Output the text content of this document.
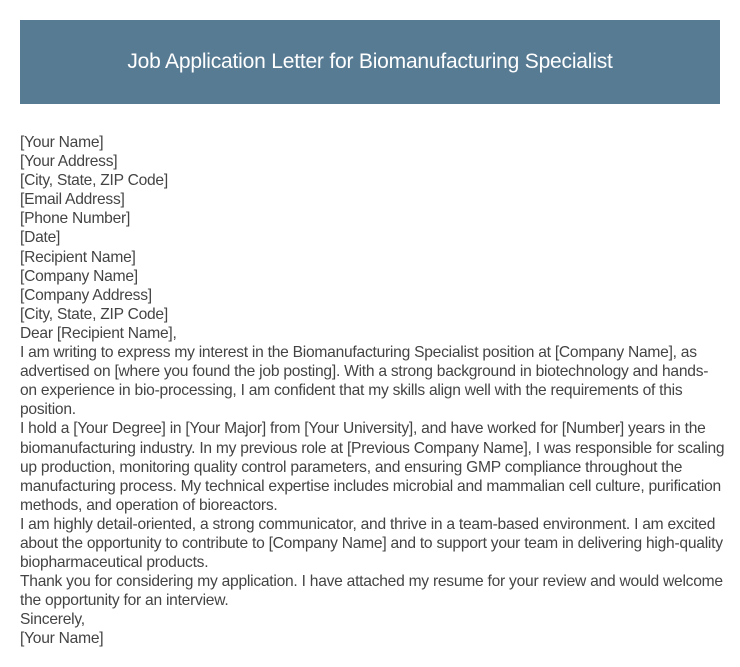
Job Application Letter for Biomanufacturing Specialist

[Your Name]

[Your Address]

[City, State, ZIP Code]

[Email Address]

[Phone Number]

[Date]

[Recipient Name]

[Company Name]

[Company Address]

[City, State, ZIP Code]

Dear [Recipient Name],

I am writing to express my interest in the Biomanufacturing Specialist position at [Company Name], as advertised on [where you found the job posting]. With a strong background in biotechnology and hands-on experience in bio-processing, I am confident that my skills align well with the requirements of this position.

I hold a [Your Degree] in [Your Major] from [Your University], and have worked for [Number] years in the biomanufacturing industry. In my previous role at [Previous Company Name], I was responsible for scaling up production, monitoring quality control parameters, and ensuring GMP compliance throughout the manufacturing process. My technical expertise includes microbial and mammalian cell culture, purification methods, and operation of bioreactors.

I am highly detail-oriented, a strong communicator, and thrive in a team-based environment. I am excited about the opportunity to contribute to [Company Name] and to support your team in delivering high-quality biopharmaceutical products.

Thank you for considering my application. I have attached my resume for your review and would welcome the opportunity for an interview.

Sincerely,

[Your Name]
